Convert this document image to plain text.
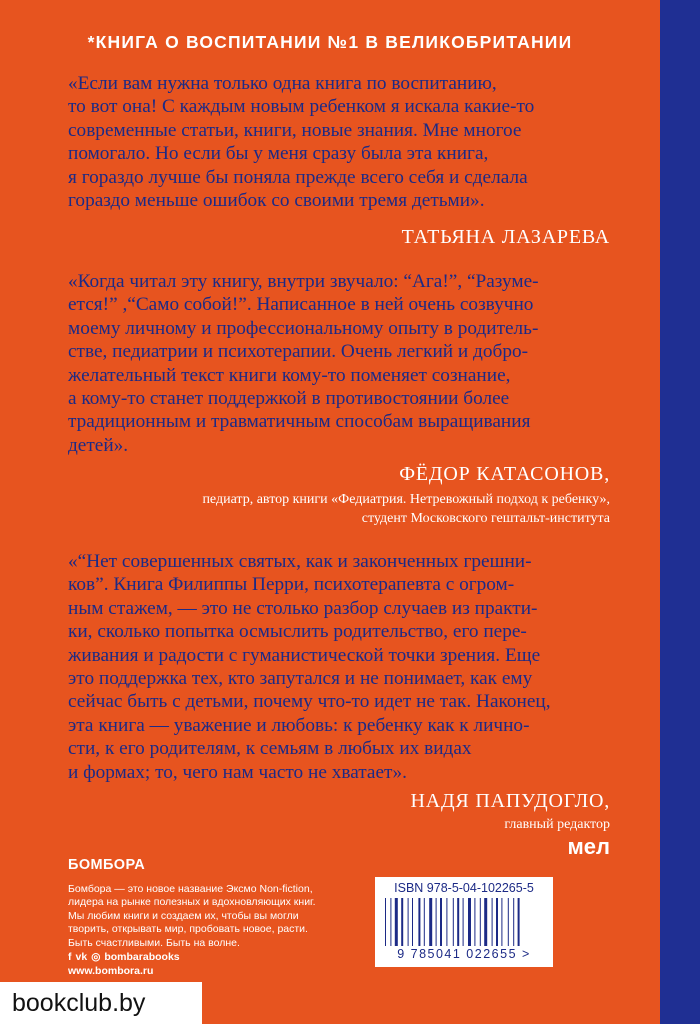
*КНИГА О ВОСПИТАНИИ №1 В ВЕЛИКОБРИТАНИИ
«Если вам нужна только одна книга по воспитанию,
то вот она! С каждым новым ребенком я искала какие-то
современные статьи, книги, новые знания. Мне многое
помогало. Но если бы у меня сразу была эта книга,
я гораздо лучше бы поняла прежде всего себя и сделала
гораздо меньше ошибок со своими тремя детьми».
ТАТЬЯНА ЛАЗАРЕВА
«Когда читал эту книгу, внутри звучало: “Ага!”, “Разуме-
ется!” ,“Само собой!”. Написанное в ней очень созвучно
моему личному и профессиональному опыту в родитель-
стве, педиатрии и психотерапии. Очень легкий и добро-
желательный текст книги кому-то поменяет сознание,
а кому-то станет поддержкой в противостоянии более
традиционным и травматичным способам выращивания
детей».
ФЁДОР КАТАСОНОВ,
педиатр, автор книги «Федиатрия. Нетревожный подход к ребенку»,
студент Московского гештальт-института
«“Нет совершенных святых, как и законченных грешни-
ков”. Книга Филиппы Перри, психотерапевта с огром-
ным стажем, — это не столько разбор случаев из практи-
ки, сколько попытка осмыслить родительство, его пере-
живания и радости с гуманистической точки зрения. Еще
это поддержка тех, кто запутался и не понимает, как ему
сейчас быть с детьми, почему что-то идет не так. Наконец,
эта книга — уважение и любовь: к ребенку как к лично-
сти, к его родителям, к семьям в любых их видах
и формах; то, чего нам часто не хватает».
НАДЯ ПАПУДОГЛО,
главный редактор
мел
БОМБОРА
Бомбора — это новое название Эксмо Non-fiction,
лидера на рынке полезных и вдохновляющих книг.
Мы любим книги и создаем их, чтобы вы могли
творить, открывать мир, пробовать новое, расти.
Быть счастливыми. Быть на волне.
f vk ◎ bombarabooks
www.bombora.ru
ISBN 978-5-04-102265-5
9 785041 022655 >
bookclub.by
